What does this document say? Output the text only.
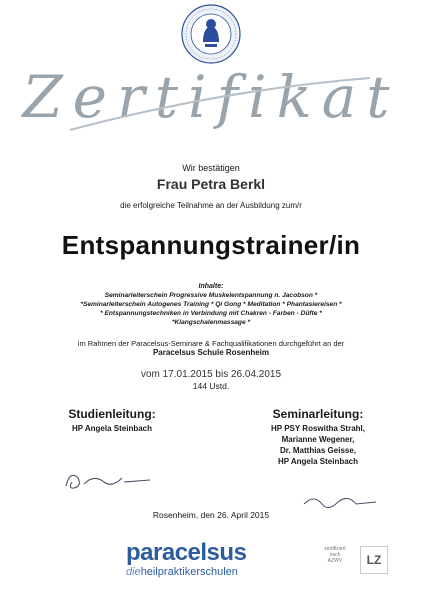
Zertifikat

Wir bestätigen

Frau Petra Berkl

die erfolgreiche Teilnahme an der Ausbildung zum/r

Entspannungstrainer/in

Inhalte:

Seminarleiterschein Progressive Muskelentspannung n. Jacobson *

*Seminarleiterschein Autogenes Training * Qi Gong * Meditation * Phantasiereisen *

* Entspannungstechniken in Verbindung mit Chakren - Farben - Düfte *

*Klangschalenmassage *

im Rahmen der Paracelsus-Seminare & Fachqualifikationen durchgeführt an der

Paracelsus Schule Rosenheim

vom 17.01.2015 bis 26.04.2015

144 Ustd.

Studienleitung:

HP Angela Steinbach

Seminarleitung:

HP PSY Roswitha Strahl,

Marianne Wegener,

Dr. Matthias Geisse,

HP Angela Steinbach

Rosenheim, den 26. April 2015

paracelsus

dieheilpraktikerschulen

zertifiziert
nach
AZWV	LZ
